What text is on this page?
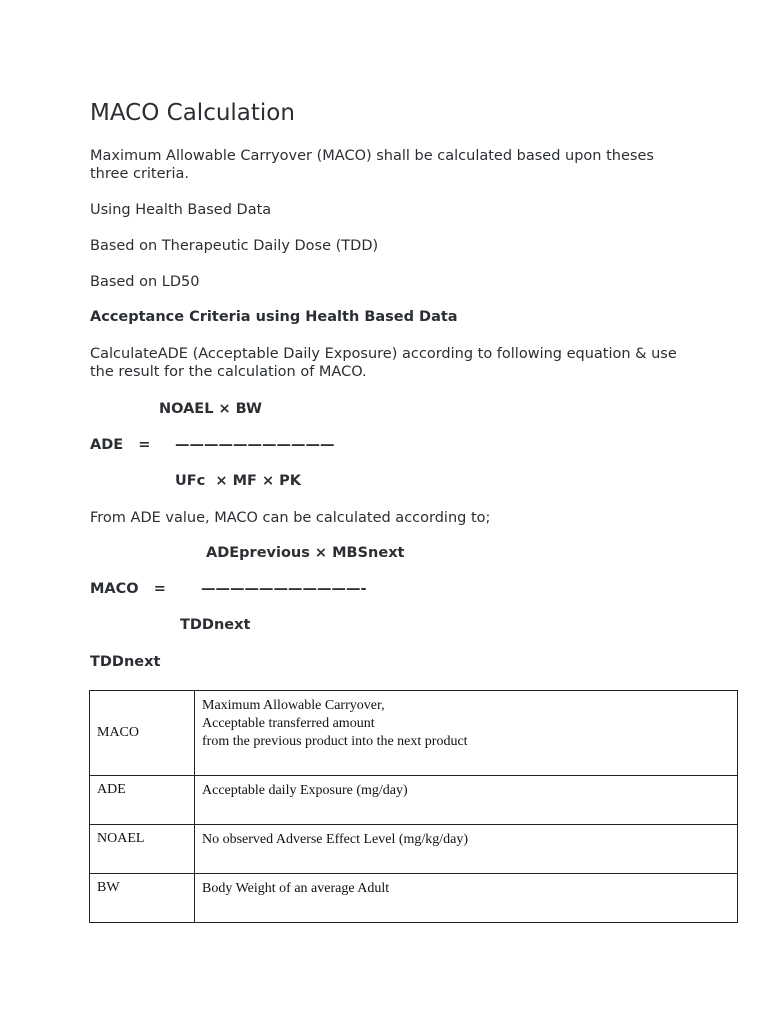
MACO Calculation

Maximum Allowable Carryover (MACO) shall be calculated based upon theses three criteria.

Using Health Based Data

Based on Therapeutic Daily Dose (TDD)

Based on LD50

Acceptance Criteria using Health Based Data

CalculateADE (Acceptable Daily Exposure) according to following equation & use the result for the calculation of MACO.

NOAEL × BW
ADE   = ———————————
UFc  × MF × PK

From ADE value, MACO can be calculated according to;

ADEprevious × MBSnext
MACO   = ———————————-
TDDnext

TDDnext

MACO	Maximum Allowable Carryover,
Acceptable transferred amount
from the previous product into the next product

ADE	Acceptable daily Exposure (mg/day)

NOAEL	No observed Adverse Effect Level (mg/kg/day)

BW	Body Weight of an average Adult
